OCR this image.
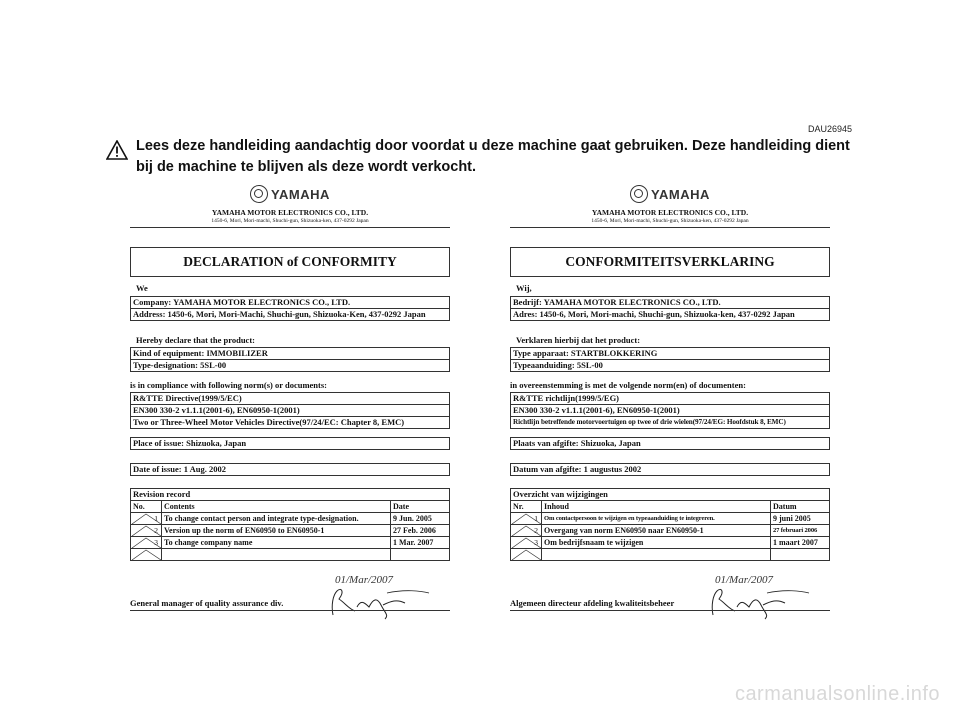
DAU26945
Lees deze handleiding aandachtig door voordat u deze machine gaat gebruiken. Deze handleiding dient bij de machine te blijven als deze wordt verkocht.
YAMAHA
YAMAHA MOTOR ELECTRONICS CO., LTD.
1450-6, Mori, Mori-machi, Shuchi-gun, Shizuoka-ken, 437-0292 Japan
DECLARATION of CONFORMITY
We
Company: YAMAHA MOTOR ELECTRONICS CO., LTD.
Address: 1450-6, Mori, Mori-Machi, Shuchi-gun, Shizuoka-Ken, 437-0292 Japan
Hereby declare that the product:
Kind of equipment: IMMOBILIZER
Type-designation: 5SL-00
is in compliance with following norm(s) or documents:
R&TTE Directive(1999/5/EC)
EN300 330-2 v1.1.1(2001-6), EN60950-1(2001)
Two or Three-Wheel Motor Vehicles Directive(97/24/EC: Chapter 8, EMC)
Place of issue: Shizuoka, Japan
Date of issue: 1 Aug. 2002
Revision record
No.	Contents	Date

1	To change contact person and integrate type-designation.	9 Jun. 2005

2	Version up the norm of EN60950 to EN60950-1	27 Feb. 2006

3	To change company name	1 Mar. 2007

01/Mar/2007
General manager of quality assurance div.
YAMAHA
YAMAHA MOTOR ELECTRONICS CO., LTD.
1450-6, Mori, Mori-machi, Shuchi-gun, Shizuoka-ken, 437-0292 Japan
CONFORMITEITSVERKLARING
Wij,
Bedrijf: YAMAHA MOTOR ELECTRONICS CO., LTD.
Adres: 1450-6, Mori, Mori-machi, Shuchi-gun, Shizuoka-ken, 437-0292 Japan
Verklaren hierbij dat het product:
Type apparaat: STARTBLOKKERING
Typeaanduiding: 5SL-00
in overeenstemming is met de volgende norm(en) of documenten:
R&TTE richtlijn(1999/5/EG)
EN300 330-2 v1.1.1(2001-6), EN60950-1(2001)
Richtlijn betreffende motorvoertuigen op twee of drie wielen(97/24/EG: Hoofdstuk 8, EMC)
Plaats van afgifte: Shizuoka, Japan
Datum van afgifte: 1 augustus 2002
Overzicht van wijzigingen
Nr.	Inhoud	Datum

1	Om contactpersoon te wijzigen en typeaanduiding te integreren.	9 juni 2005

2	Overgang van norm EN60950 naar EN60950-1	27 februari 2006

3	Om bedrijfsnaam te wijzigen	1 maart 2007

01/Mar/2007
Algemeen directeur afdeling kwaliteitsbeheer
carmanualsonline.info
